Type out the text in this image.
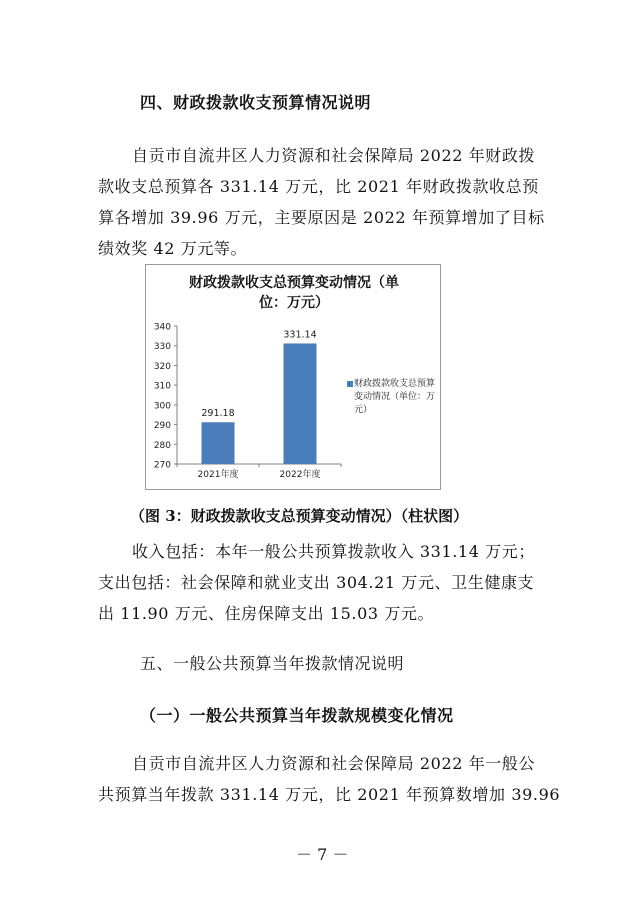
四、财政拨款收支预算情况说明
自贡市自流井区人力资源和社会保障局 2022 年财政拨
款收支总预算各 331.14 万元，比 2021 年财政拨款收总预
算各增加 39.96 万元，主要原因是 2022 年预算增加了目标
绩效奖 42 万元等。
财政拨款收支总预算变动情况（单
位：万元）
270
280
290
300
310
320
330
340
291.18
2021年度
331.14
2022年度
财政拨款收支总预算变动情况（单位：万元）
（图 3：财政拨款收支总预算变动情况）（柱状图）
收入包括：本年一般公共预算拨款收入 331.14 万元；
支出包括：社会保障和就业支出 304.21 万元、卫生健康支
出 11.90 万元、住房保障支出 15.03 万元。
五、一般公共预算当年拨款情况说明
（一）一般公共预算当年拨款规模变化情况
自贡市自流井区人力资源和社会保障局 2022 年一般公
共预算当年拨款 331.14 万元，比 2021 年预算数增加 39.96
－ 7 －
